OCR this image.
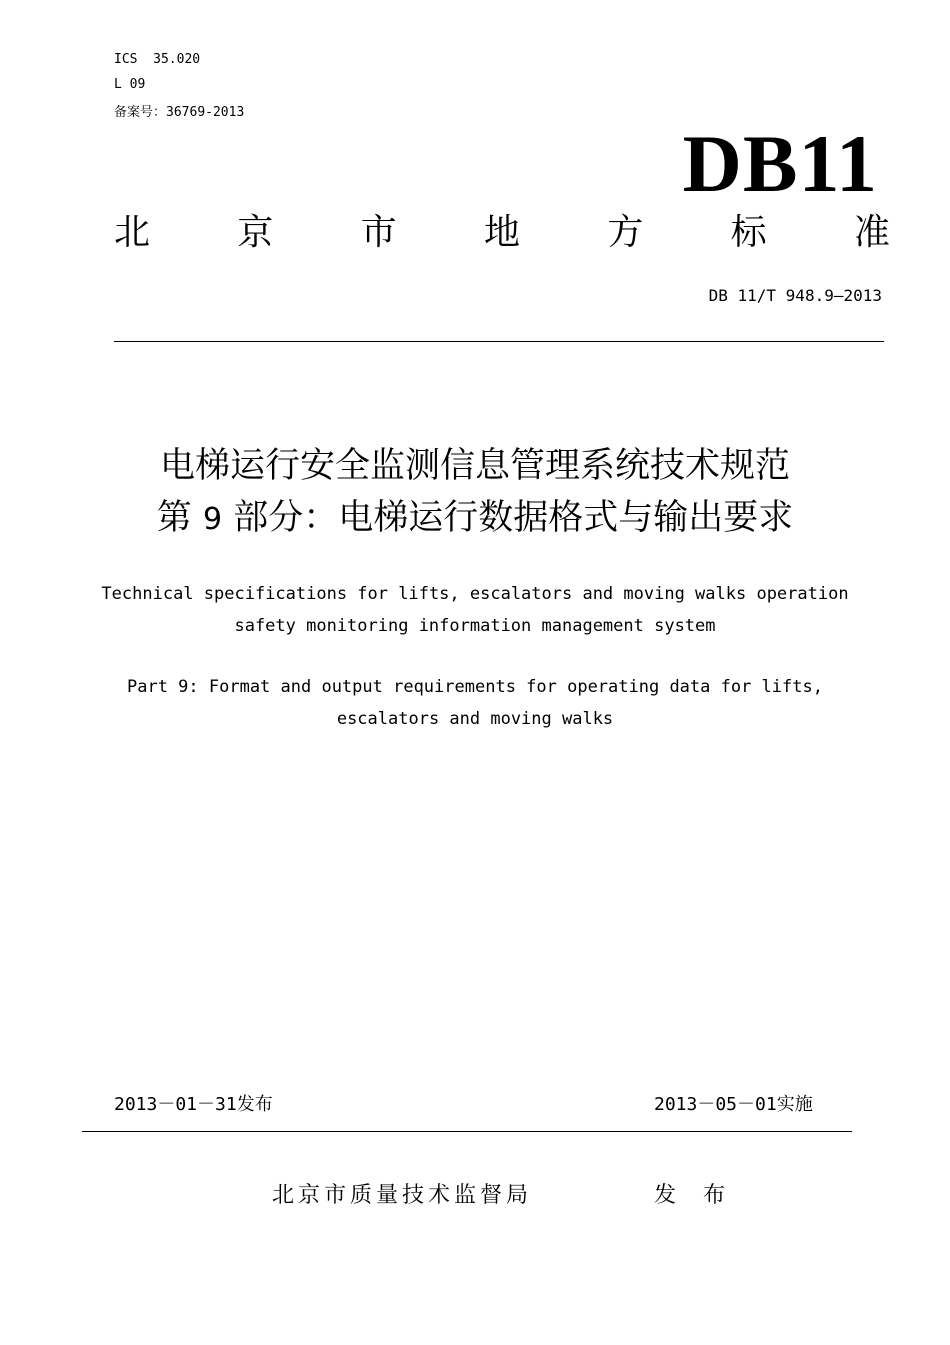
ICS 35.020
L 09
备案号：36769-2013
DB11
北 京 市 地 方 标 准
DB 11/T 948.9—2013
电梯运行安全监测信息管理系统技术规范
第 9 部分：电梯运行数据格式与输出要求
Technical specifications for lifts, escalators and moving walks operation
safety monitoring information management system
Part 9: Format and output requirements for operating data for lifts,
escalators and moving walks
2013－01－31发布	2013－05－01实施
北京市质量技术监督局	发 布
